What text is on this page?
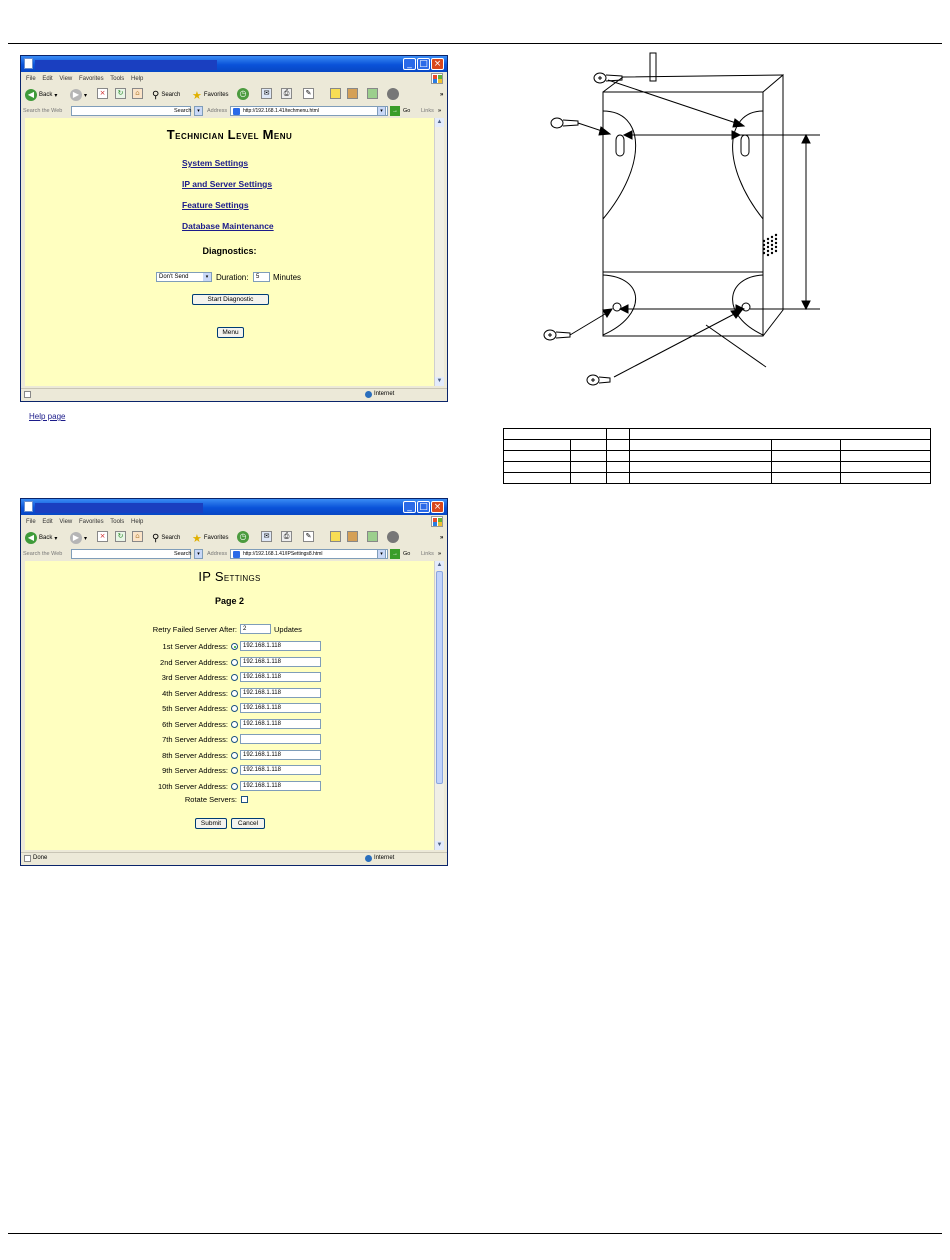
_ □ ×
File Edit View Favorites Tools Help
◀ Back ▾	▶ ▾	×	↻	⌂	⚲ Search ★ Favorites	◷	✉	⎙	✎	»
Search the Web	Search	▾	Address	http://192.168.1.41/techmenu.html	▾	→ Go Links »
Technician Level Menu
System Settings
IP and Server Settings
Feature Settings
Database Maintenance
Diagnostics:
Don't Send	▾ Duration:	5	Minutes
Start Diagnostic
Menu
Help page
▲
▼
Internet

_ □ ×
File Edit View Favorites Tools Help
◀ Back ▾	▶ ▾	×	↻	⌂	⚲ Search ★ Favorites	◷	✉	⎙	✎	»
Search the Web	Search	▾	Address	http://192.168.1.41/IPSettings8.html	▾	→ Go Links »
IP Settings
Page 2
Retry Failed Server After:	2	Updates
1st Server Address:	192.168.1.118
2nd Server Address:	192.168.1.118
3rd Server Address:	192.168.1.118
4th Server Address:	192.168.1.118
5th Server Address:	192.168.1.118
6th Server Address:	192.168.1.118
7th Server Address:
8th Server Address:	192.168.1.118
9th Server Address:	192.168.1.118
10th Server Address:	192.168.1.118
Rotate Servers:
Submit	Cancel
▲
▼
Done	Internet
